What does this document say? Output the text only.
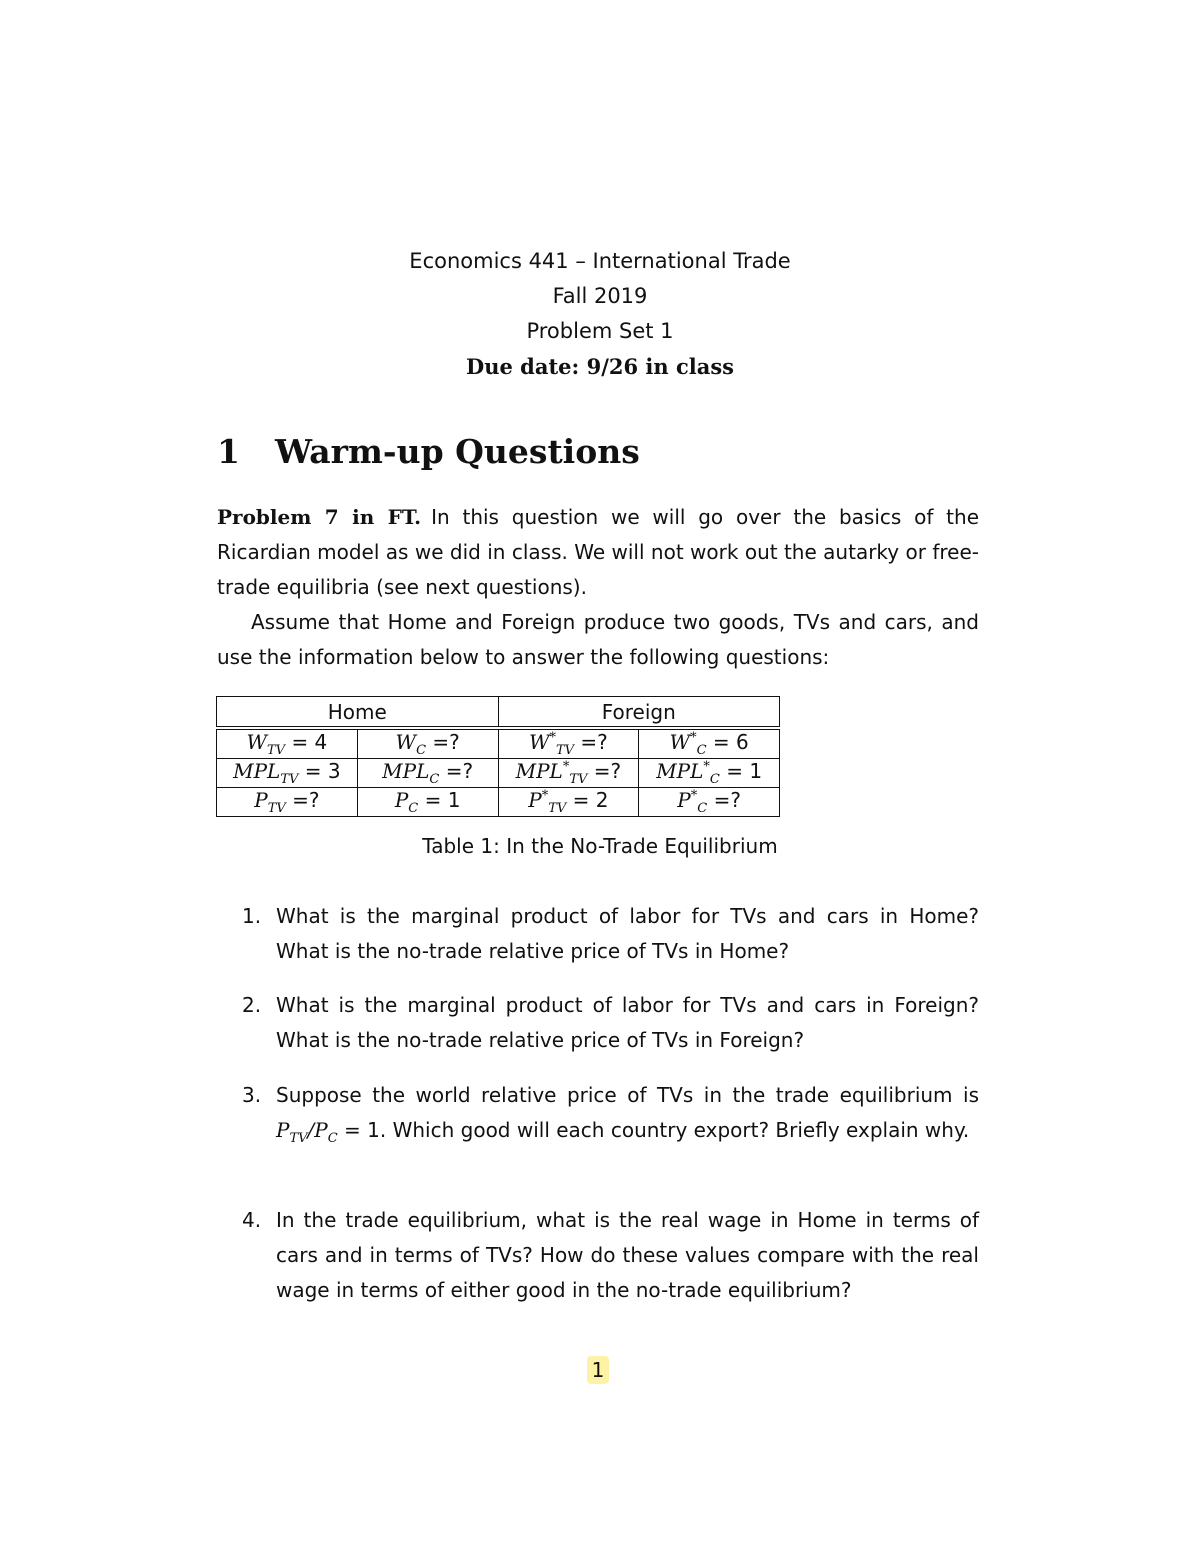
Economics 441 – International Trade
Fall 2019
Problem Set 1
Due date: 9/26 in class
1 Warm-up Questions
Problem 7 in FT. In this question we will go over the basics of the Ricardian model as we did in class. We will not work out the autarky or free-trade equilibria (see next questions).
Assume that Home and Foreign produce two goods, TVs and cars, and use the information below to answer the following questions:
Home	Foreign
$W_{TV} = 4$	$W_C$ =?	$W^*_{TV}$ =?	$W^*_C = 6$
$MPL_{TV} = 3$	$MPL_C$ =?	$MPL^*_{TV}$ =?	$MPL^*_C = 1$
$P_{TV}$ =?	$P_C = 1$	$P^*_{TV} = 2$	$P^*_C$ =?
Table 1: In the No-Trade Equilibrium
1. What is the marginal product of labor for TVs and cars in Home? What is the no-trade relative price of TVs in Home?
2. What is the marginal product of labor for TVs and cars in Foreign? What is the no-trade relative price of TVs in Foreign?
3. Suppose the world relative price of TVs in the trade equilibrium is $P_{TV}/P_C = 1$. Which good will each country export? Briefly explain why.
4. In the trade equilibrium, what is the real wage in Home in terms of cars and in terms of TVs? How do these values compare with the real wage in terms of either good in the no-trade equilibrium?
1
